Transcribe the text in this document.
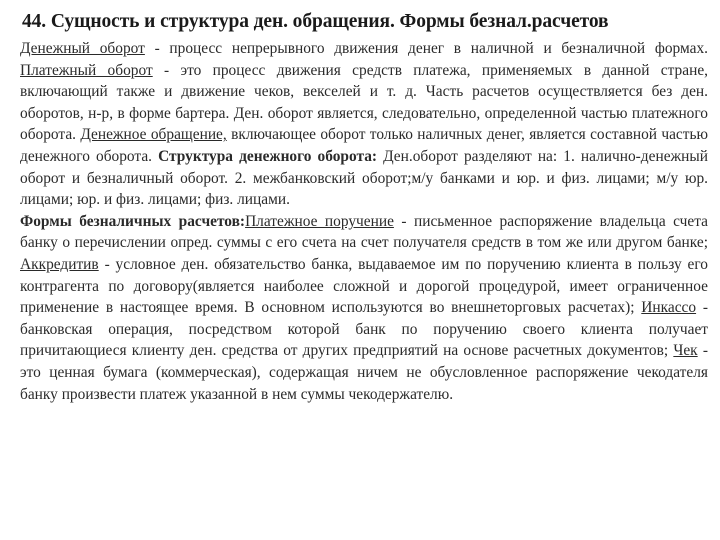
44. Сущность и структура ден. обращения. Формы безнал.расчетов
Денежный оборот - процесс непрерывного движения денег в наличной и безналичной формах. Платежный оборот - это процесс движения средств платежа, применяемых в данной стране, включающий также и движение чеков, векселей и т. д. Часть расчетов осуществляется без ден. оборотов, н-р, в форме бартера. Ден. оборот является, следовательно, определенной частью платежного оборота. Денежное обращение, включающее оборот только наличных денег, является составной частью денежного оборота. Структура денежного оборота: Ден.оборот разделяют на: 1. налично-денежный оборот и безналичный оборот. 2. межбанковский оборот;м/у банками и юр. и физ. лицами; м/у юр. лицами; юр. и физ. лицами; физ. лицами.
Формы безналичных расчетов:Платежное поручение - письменное распоряжение владельца счета банку о перечислении опред. суммы с его счета на счет получателя средств в том же или другом банке; Аккредитив - условное ден. обязательство банка, выдаваемое им по поручению клиента в пользу его контрагента по договору(является наиболее сложной и дорогой процедурой, имеет ограниченное применение в настоящее время. В основном используются во внешнеторговых расчетах); Инкассо - банковская операция, посредством которой банк по поручению своего клиента получает причитающиеся клиенту ден. средства от других предприятий на основе расчетных документов; Чек - это ценная бумага (коммерческая), содержащая ничем не обусловленное распоряжение чекодателя банку произвести платеж указанной в нем суммы чекодержателю.
